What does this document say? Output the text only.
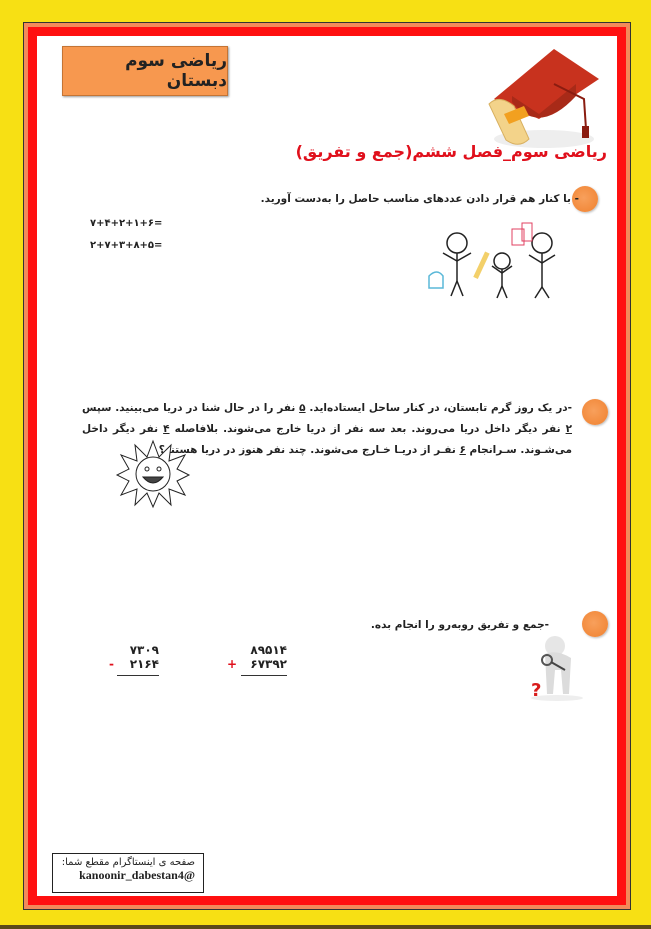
ریاضی سوم دبستان
ریاضی سوم_فصل ششم(جمع و تفریق)
- با کنار هم قرار دادن عددهای مناسب حاصل را به‌دست آورید.
۷+۴+۲+۱+۶=
۲+۷+۳+۸+۵=
-در یک روز گرم تابستان، در کنار ساحل ایستاده‌اید. ۵ نفر را در حال شنا در دریا می‌بینید. سپس ۲ نفر دیگر داخل دریا می‌روند. بعد سه نفر از دریا خارج می‌شوند. بلافاصله ۴ نفر دیگر داخل می‌شـوند. سـرانجام ۶ نفـر از دریـا خـارج می‌شوند. چند نفر هنوز در دریا هستند؟
-جمع و تفریق روبه‌رو را انجام بده.
۸۹۵۱۴
+ ۶۷۳۹۲
۷۳۰۹
- ۲۱۶۴
?
صفحه ی اینستاگرام مقطع شما:
@kanoonir_dabestan4
